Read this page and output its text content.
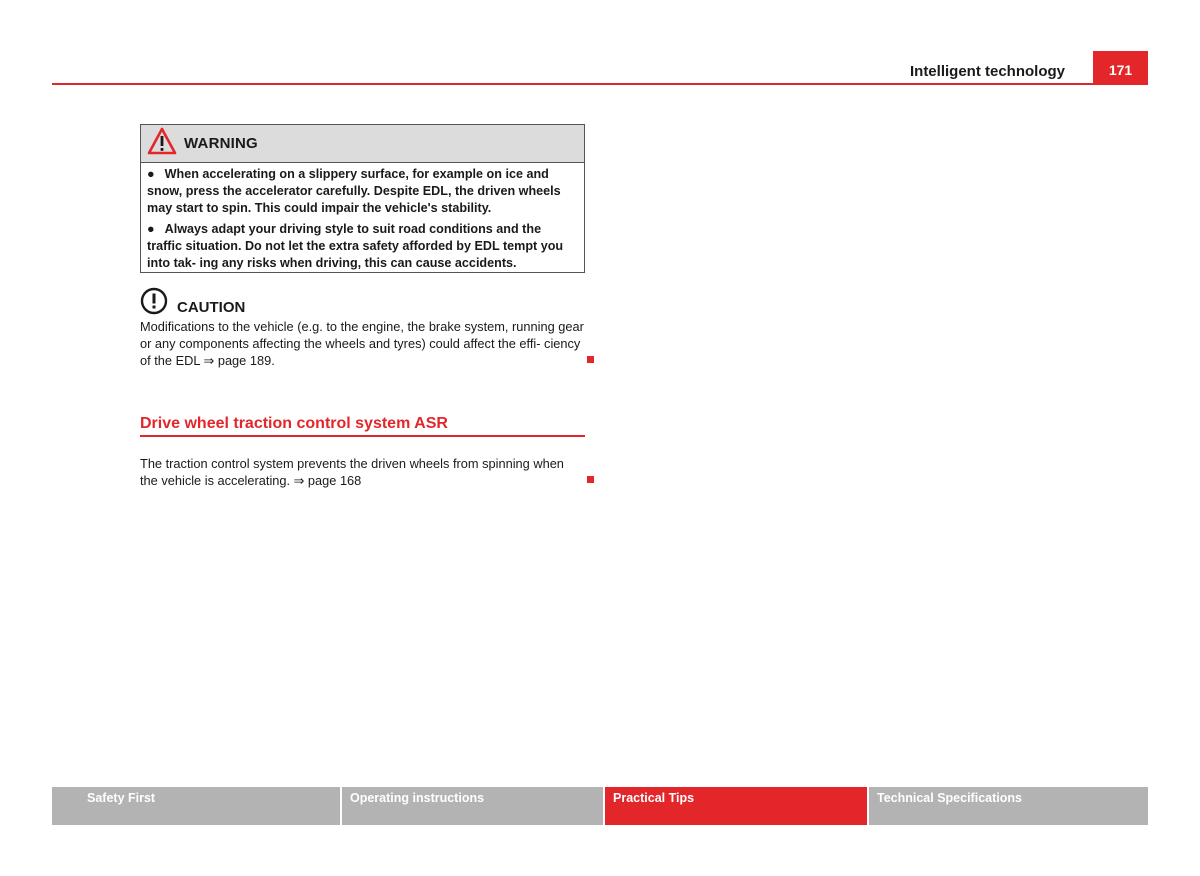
Intelligent technology	171
WARNING

● When accelerating on a slippery surface, for example on ice and snow, press the accelerator carefully. Despite EDL, the driven wheels may start to spin. This could impair the vehicle's stability.

● Always adapt your driving style to suit road conditions and the traffic situation. Do not let the extra safety afforded by EDL tempt you into tak- ing any risks when driving, this can cause accidents.

CAUTION
Modifications to the vehicle (e.g. to the engine, the brake system, running gear or any components affecting the wheels and tyres) could affect the effi- ciency of the EDL ⇒ page 189.
Drive wheel traction control system ASR
The traction control system prevents the driven wheels from spinning when the vehicle is accelerating. ⇒ page 168
Safety First	Operating instructions	Practical Tips	Technical Specifications
